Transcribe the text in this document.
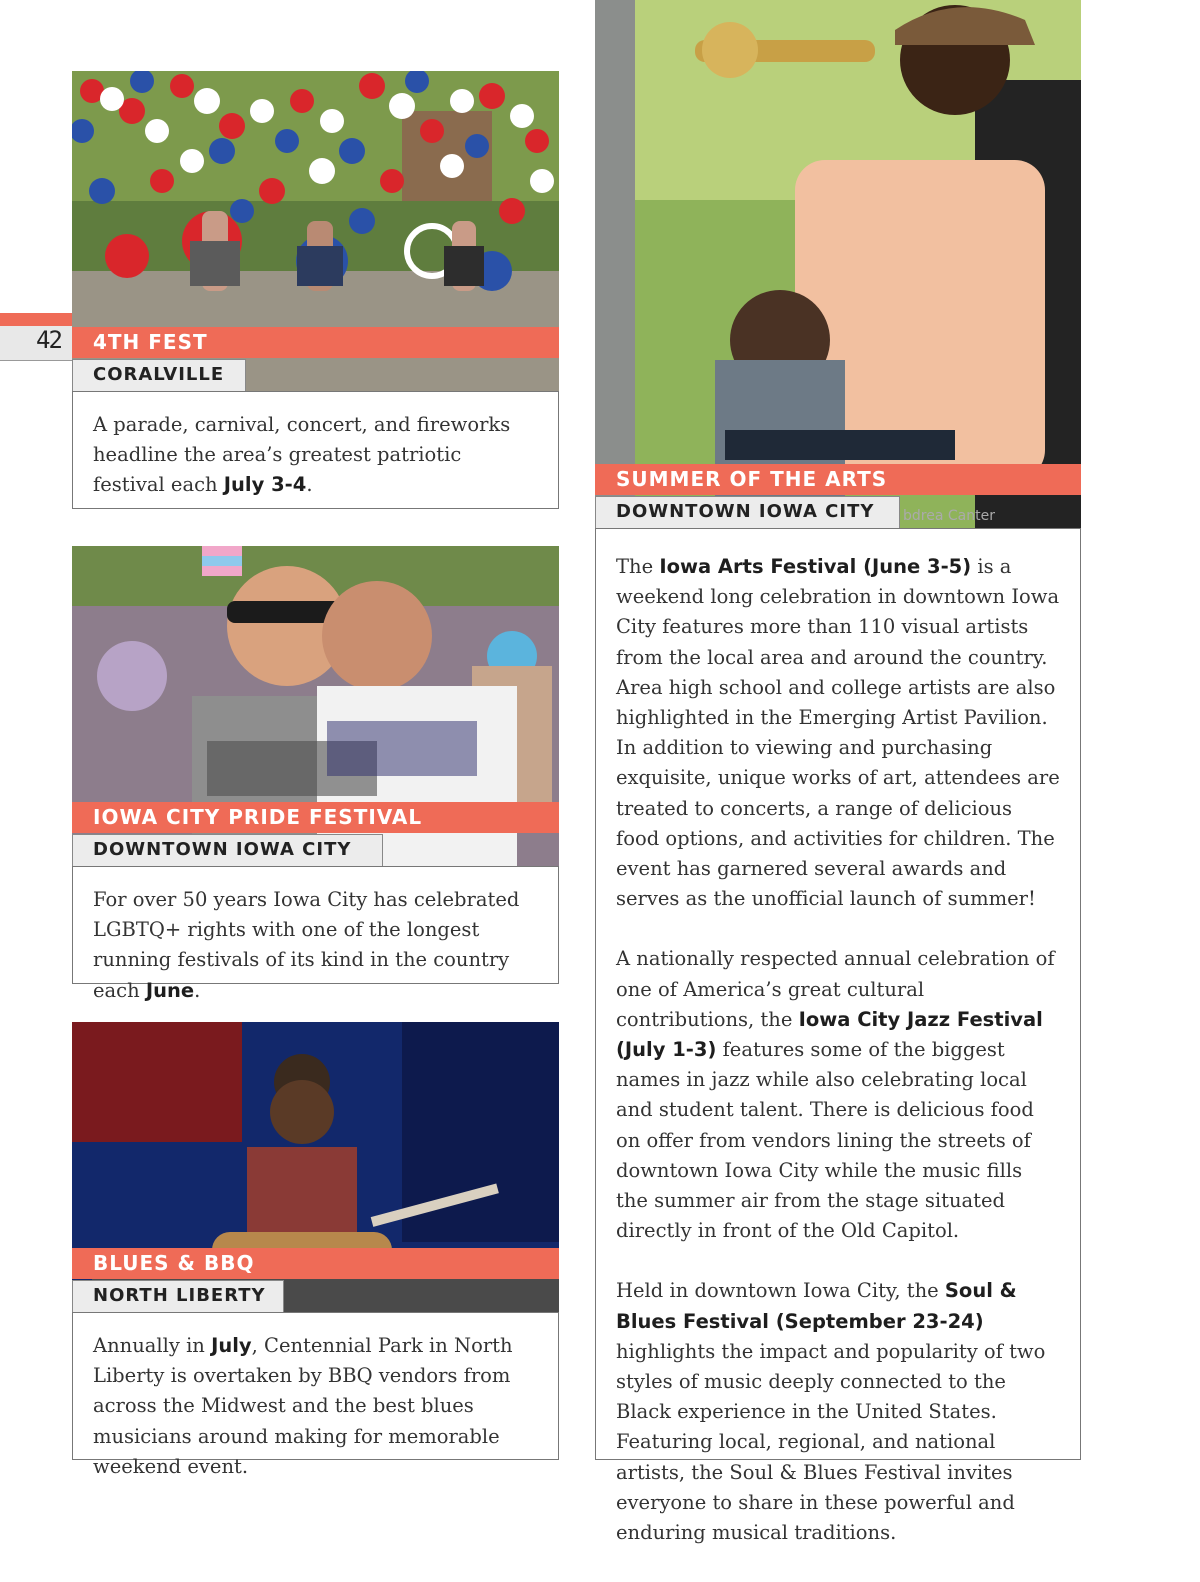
42	4TH FEST
CORALVILLE

A parade, carnival, concert, and fireworks headline the area’s greatest patriotic festival each July 3-4.

IOWA CITY PRIDE FESTIVAL
DOWNTOWN IOWA CITY

For over 50 years Iowa City has celebrated LGBTQ+ rights with one of the longest running festivals of its kind in the country each June.

BLUES & BBQ
NORTH LIBERTY

Annually in July, Centennial Park in North Liberty is overtaken by BBQ vendors from across the Midwest and the best blues musicians around making for memorable weekend event.

SUMMER OF THE ARTS
DOWNTOWN IOWA CITY	bdrea Canter

The Iowa Arts Festival (June 3-5) is a weekend long celebration in downtown Iowa City features more than 110 visual artists from the local area and around the country. Area high school and college artists are also highlighted in the Emerging Artist Pavilion. In addition to viewing and purchasing exquisite, unique works of art, attendees are treated to concerts, a range of delicious food options, and activities for children. The event has garnered several awards and serves as the unofficial launch of summer!

A nationally respected annual celebration of one of America’s great cultural contributions, the Iowa City Jazz Festival (July 1-3) features some of the biggest names in jazz while also celebrating local and student talent. There is delicious food on offer from vendors lining the streets of downtown Iowa City while the music fills the summer air from the stage situated directly in front of the Old Capitol.

Held in downtown Iowa City, the Soul & Blues Festival (September 23-24) highlights the impact and popularity of two styles of music deeply connected to the Black experience in the United States. Featuring local, regional, and national artists, the Soul & Blues Festival invites everyone to share in these powerful and enduring musical traditions.
